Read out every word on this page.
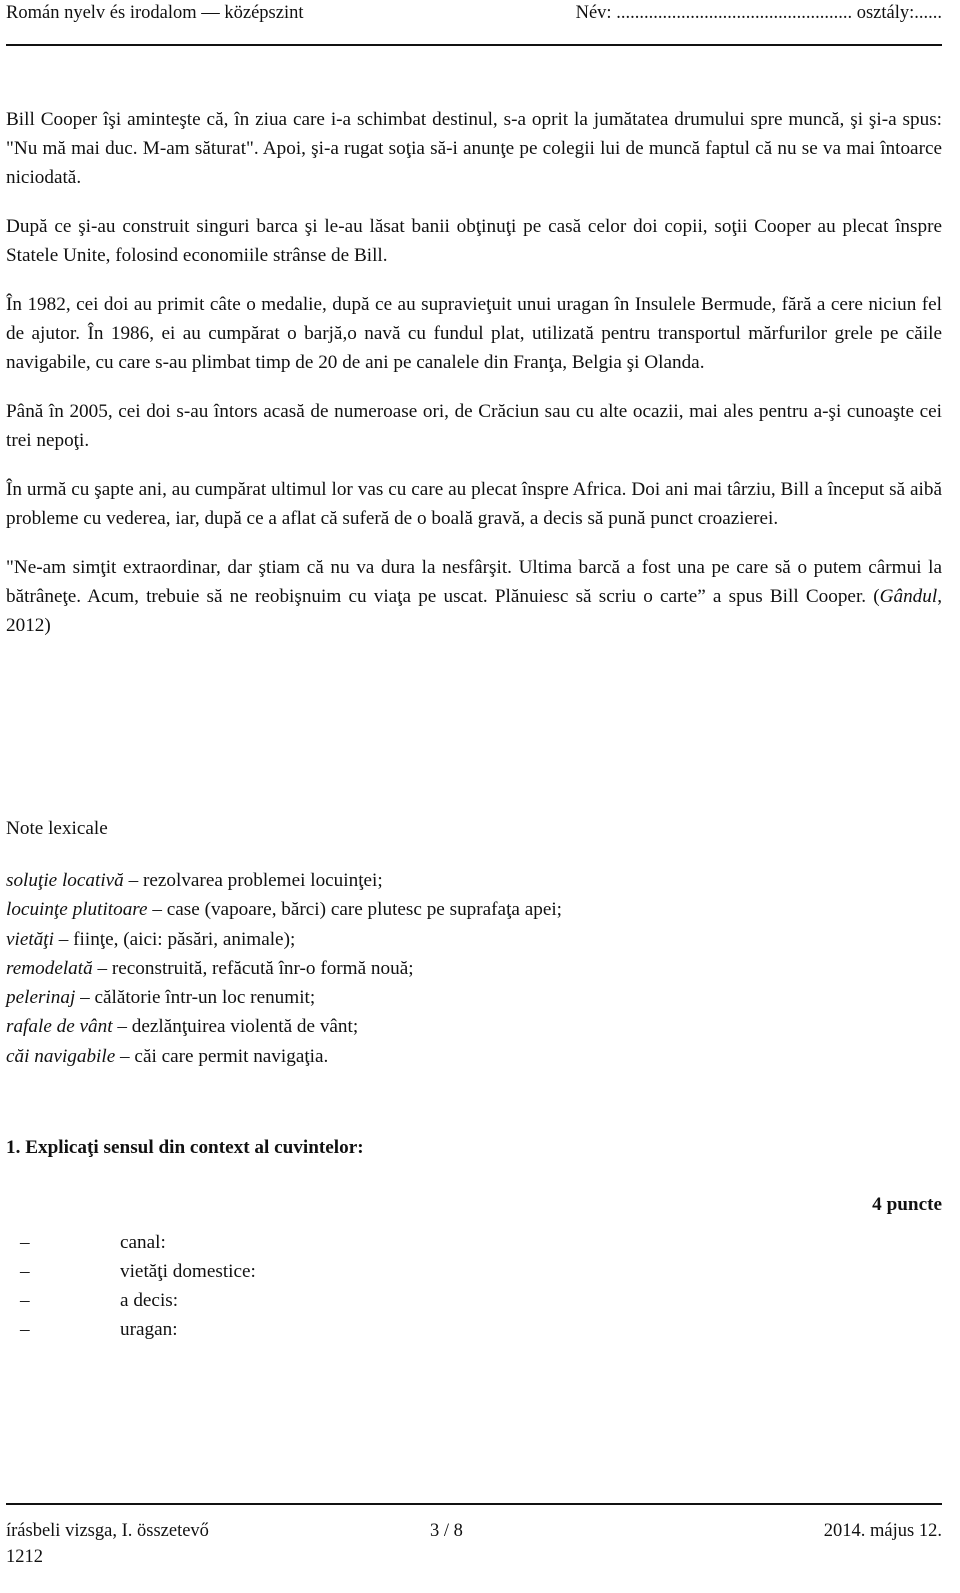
Román nyelv és irodalom — középszint	Név: ................................................... osztály:......

Bill Cooper îşi aminteşte că, în ziua care i-a schimbat destinul, s-a oprit la jumătatea drumului spre muncă, şi şi-a spus: "Nu mă mai duc. M-am săturat". Apoi, şi-a rugat soţia să-i anunţe pe colegii lui de muncă faptul că nu se va mai întoarce niciodată.

După ce şi-au construit singuri barca şi le-au lăsat banii obţinuţi pe casă celor doi copii, soţii Cooper au plecat înspre Statele Unite, folosind economiile strânse de Bill.

În 1982, cei doi au primit câte o medalie, după ce au supravieţuit unui uragan în Insulele Bermude, fără a cere niciun fel de ajutor. În 1986, ei au cumpărat o barjă,o navă cu fundul plat, utilizată pentru transportul mărfurilor grele pe căile navigabile, cu care s-au plimbat timp de 20 de ani pe canalele din Franţa, Belgia şi Olanda.

Până în 2005, cei doi s-au întors acasă de numeroase ori, de Crăciun sau cu alte ocazii, mai ales pentru a-şi cunoaşte cei trei nepoţi.

În urmă cu şapte ani, au cumpărat ultimul lor vas cu care au plecat înspre Africa. Doi ani mai târziu, Bill a început să aibă probleme cu vederea, iar, după ce a aflat că suferă de o boală gravă, a decis să pună punct croazierei.

"Ne-am simţit extraordinar, dar ştiam că nu va dura la nesfârşit. Ultima barcă a fost una pe care să o putem cârmui la bătrâneţe. Acum, trebuie să ne reobişnuim cu viaţa pe uscat. Plănuiesc să scriu o carte” a spus Bill Cooper. (Gândul, 2012)

Note lexicale

soluţie locativă – rezolvarea problemei locuinţei;

locuinţe plutitoare – case (vapoare, bărci) care plutesc pe suprafaţa apei;

vietăţi – fiinţe, (aici: păsări, animale);

remodelată – reconstruită, refăcută înr-o formă nouă;

pelerinaj – călătorie într-un loc renumit;

rafale de vânt – dezlănţuirea violentă de vânt;

căi navigabile – căi care permit navigaţia.

1. Explicaţi sensul din context al cuvintelor:
4 puncte

–	canal:

–	vietăţi domestice:

–	a decis:

–	uragan:

írásbeli vizsga, I. összetevő	3 / 8	2014. május 12.
1212
